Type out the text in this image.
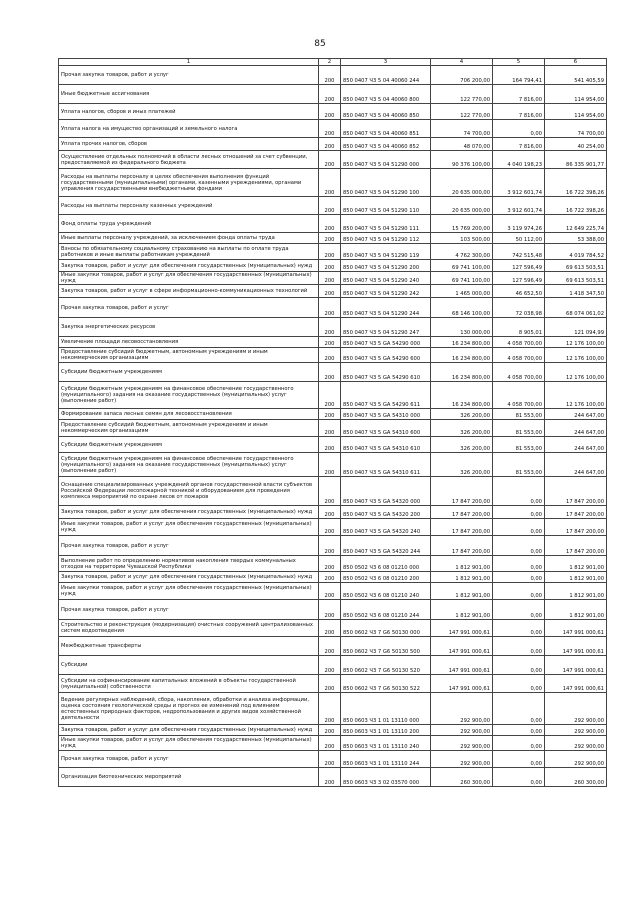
85
1	2	3	4	5	6
Прочая закупка товаров, работ и услуг	200	850 0407 Ч3 5 04 40060 244	706 200,00	164 794,41	541 405,59
Иные бюджетные ассигнования	200	850 0407 Ч3 5 04 40060 800	122 770,00	7 816,00	114 954,00
Уплата налогов, сборов и иных платежей	200	850 0407 Ч3 5 04 40060 850	122 770,00	7 816,00	114 954,00
Уплата налога на имущество организаций и земельного налога	200	850 0407 Ч3 5 04 40060 851	74 700,00	0,00	74 700,00
Уплата прочих налогов, сборов	200	850 0407 Ч3 5 04 40060 852	48 070,00	7 816,00	40 254,00
Осуществление отдельных полномочий в области лесных отношений за счет субвенции, предоставляемой из федерального бюджета	200	850 0407 Ч3 5 04 51290 000	90 376 100,00	4 040 198,23	86 335 901,77
Расходы на выплаты персоналу в целях обеспечения выполнения функций государственными (муниципальными) органами, казенными учреждениями, органами управления государственными внебюджетными фондами	200	850 0407 Ч3 5 04 51290 100	20 635 000,00	3 912 601,74	16 722 398,26
Расходы на выплаты персоналу казенных учреждений	200	850 0407 Ч3 5 04 51290 110	20 635 000,00	3 912 601,74	16 722 398,26
Фонд оплаты труда учреждений	200	850 0407 Ч3 5 04 51290 111	15 769 200,00	3 119 974,26	12 649 225,74
Иные выплаты персоналу учреждений, за исключением фонда оплаты труда	200	850 0407 Ч3 5 04 51290 112	103 500,00	50 112,00	53 388,00
Взносы по обязательному социальному страхованию на выплаты по оплате труда работников и иные выплаты работникам учреждений	200	850 0407 Ч3 5 04 51290 119	4 762 300,00	742 515,48	4 019 784,52
Закупка товаров, работ и услуг для обеспечения государственных (муниципальных) нужд	200	850 0407 Ч3 5 04 51290 200	69 741 100,00	127 596,49	69 613 503,51
Иные закупки товаров, работ и услуг для обеспечения государственных (муниципальных) нужд	200	850 0407 Ч3 5 04 51290 240	69 741 100,00	127 596,49	69 613 503,51
Закупка товаров, работ и услуг в сфере информационно-коммуникационных технологий	200	850 0407 Ч3 5 04 51290 242	1 465 000,00	46 652,50	1 418 347,50
Прочая закупка товаров, работ и услуг	200	850 0407 Ч3 5 04 51290 244	68 146 100,00	72 038,98	68 074 061,02
Закупка энергетических ресурсов	200	850 0407 Ч3 5 04 51290 247	130 000,00	8 905,01	121 094,99
Увеличение площади лесовосстановления	200	850 0407 Ч3 5 GA 54290 000	16 234 800,00	4 058 700,00	12 176 100,00
Предоставление субсидий бюджетным, автономным учреждениям и иным некоммерческим организациям	200	850 0407 Ч3 5 GA 54290 600	16 234 800,00	4 058 700,00	12 176 100,00
Субсидии бюджетным учреждениям	200	850 0407 Ч3 5 GA 54290 610	16 234 800,00	4 058 700,00	12 176 100,00
Субсидии бюджетным учреждениям на финансовое обеспечение государственного (муниципального) задания на оказание государственных (муниципальных) услуг (выполнение работ)	200	850 0407 Ч3 5 GA 54290 611	16 234 800,00	4 058 700,00	12 176 100,00
Формирование запаса лесных семян для лесовосстановления	200	850 0407 Ч3 5 GA 54310 000	326 200,00	81 553,00	244 647,00
Предоставление субсидий бюджетным, автономным учреждениям и иным некоммерческим организациям	200	850 0407 Ч3 5 GA 54310 600	326 200,00	81 553,00	244 647,00
Субсидии бюджетным учреждениям	200	850 0407 Ч3 5 GA 54310 610	326 200,00	81 553,00	244 647,00
Субсидии бюджетным учреждениям на финансовое обеспечение государственного (муниципального) задания на оказание государственных (муниципальных) услуг (выполнение работ)	200	850 0407 Ч3 5 GA 54310 611	326 200,00	81 553,00	244 647,00
Оснащение специализированных учреждений органов государственной власти субъектов Российской Федерации лесопожарной техникой и оборудованием для проведения комплекса мероприятий по охране лесов от пожаров	200	850 0407 Ч3 5 GA 54320 000	17 847 200,00	0,00	17 847 200,00
Закупка товаров, работ и услуг для обеспечения государственных (муниципальных) нужд	200	850 0407 Ч3 5 GA 54320 200	17 847 200,00	0,00	17 847 200,00
Иные закупки товаров, работ и услуг для обеспечения государственных (муниципальных) нужд	200	850 0407 Ч3 5 GA 54320 240	17 847 200,00	0,00	17 847 200,00
Прочая закупка товаров, работ и услуг	200	850 0407 Ч3 5 GA 54320 244	17 847 200,00	0,00	17 847 200,00
Выполнение работ по определению нормативов накопления твердых коммунальных отходов на территории Чувашской Республики	200	850 0502 Ч3 6 08 01210 000	1 812 901,00	0,00	1 812 901,00
Закупка товаров, работ и услуг для обеспечения государственных (муниципальных) нужд	200	850 0502 Ч3 6 08 01210 200	1 812 901,00	0,00	1 812 901,00
Иные закупки товаров, работ и услуг для обеспечения государственных (муниципальных) нужд	200	850 0502 Ч3 6 08 01210 240	1 812 901,00	0,00	1 812 901,00
Прочая закупка товаров, работ и услуг	200	850 0502 Ч3 6 08 01210 244	1 812 901,00	0,00	1 812 901,00
Строительство и реконструкция (модернизация) очистных сооружений централизованных систем водоотведения	200	850 0602 Ч3 7 G6 50130 000	147 991 000,61	0,00	147 991 000,61
Межбюджетные трансферты	200	850 0602 Ч3 7 G6 50130 500	147 991 000,61	0,00	147 991 000,61
Субсидии	200	850 0602 Ч3 7 G6 50130 520	147 991 000,61	0,00	147 991 000,61
Субсидии на софинансирование капитальных вложений в объекты государственной (муниципальной) собственности	200	850 0602 Ч3 7 G6 50130 522	147 991 000,61	0,00	147 991 000,61
Ведение регулярных наблюдений, сбора, накопления, обработки и анализа информации, оценка состояния геологической среды и прогноз ее изменений под влиянием естественных природных факторов, недропользования и других видов хозяйственной деятельности	200	850 0603 Ч3 1 01 13110 000	292 900,00	0,00	292 900,00
Закупка товаров, работ и услуг для обеспечения государственных (муниципальных) нужд	200	850 0603 Ч3 1 01 13110 200	292 900,00	0,00	292 900,00
Иные закупки товаров, работ и услуг для обеспечения государственных (муниципальных) нужд	200	850 0603 Ч3 1 01 13110 240	292 900,00	0,00	292 900,00
Прочая закупка товаров, работ и услуг	200	850 0603 Ч3 1 01 13110 244	292 900,00	0,00	292 900,00
Организация биотехнических мероприятий	200	850 0603 Ч3 3 02 03570 000	260 300,00	0,00	260 300,00
